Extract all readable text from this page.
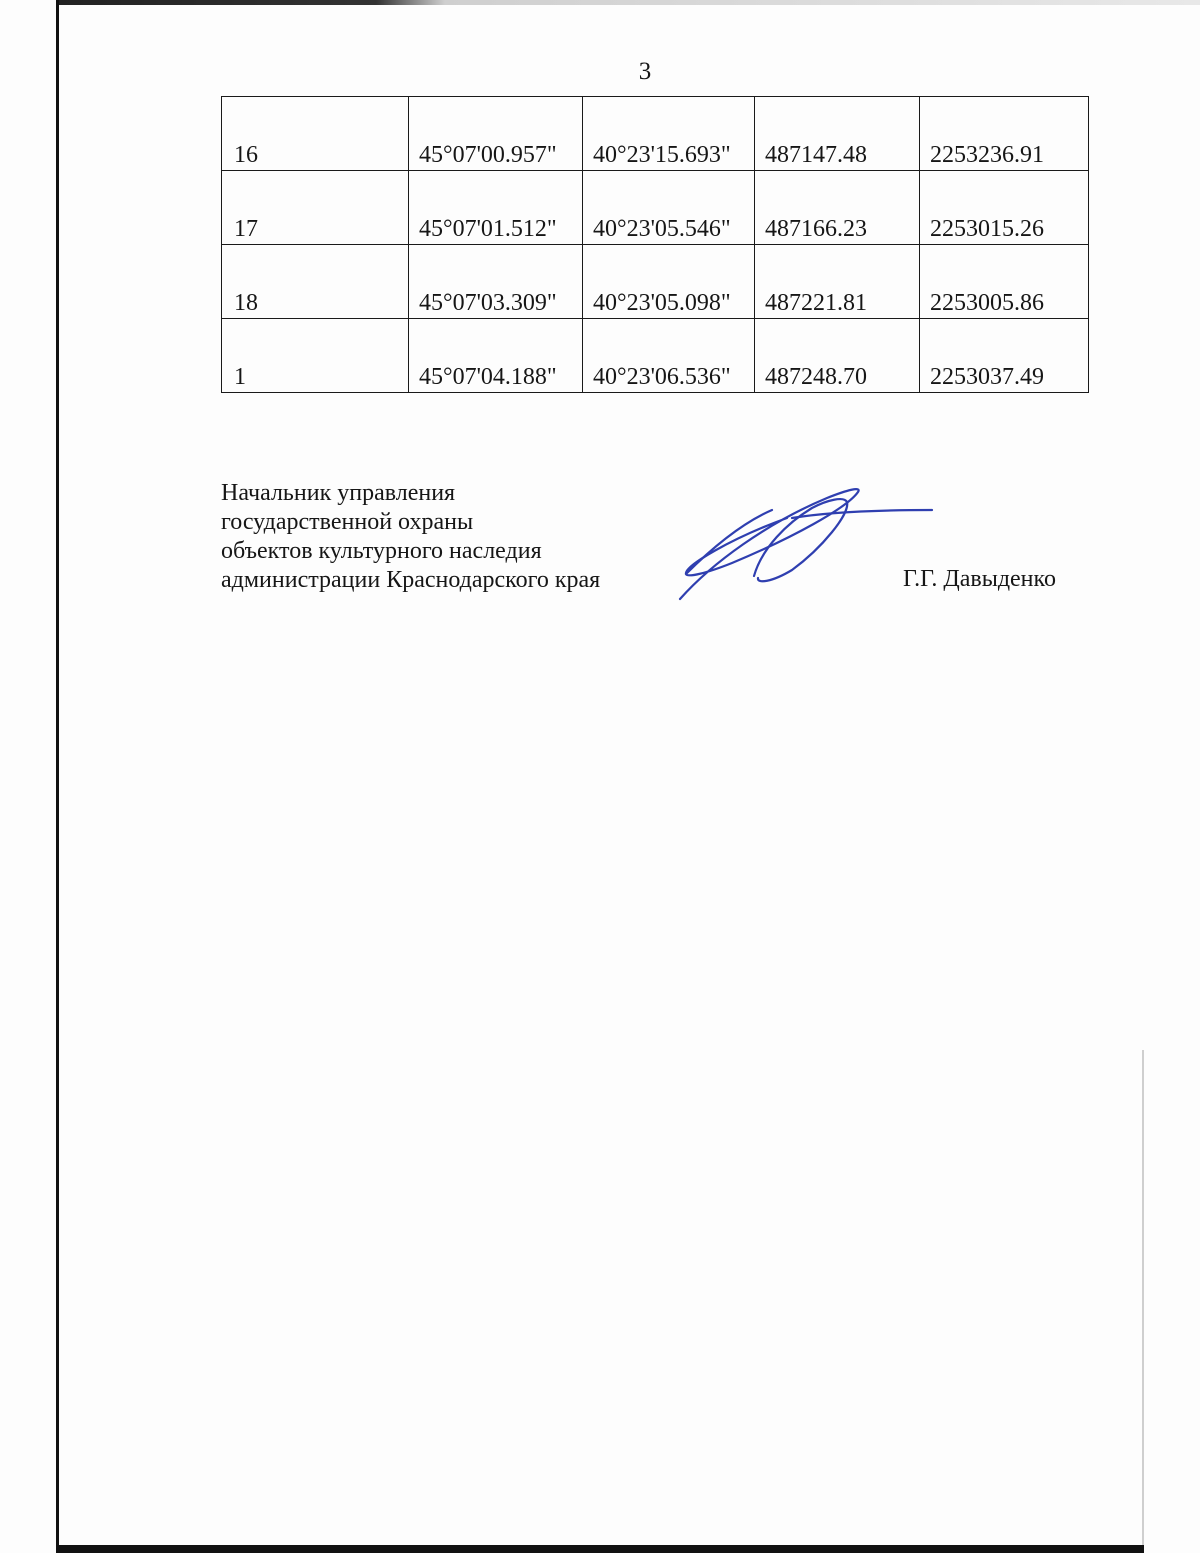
3
16	45°07'00.957"	40°23'15.693"	487147.48	2253236.91
17	45°07'01.512"	40°23'05.546"	487166.23	2253015.26
18	45°07'03.309"	40°23'05.098"	487221.81	2253005.86
1	45°07'04.188"	40°23'06.536"	487248.70	2253037.49
Начальник управления
государственной охраны
объектов культурного наследия
администрации Краснодарского края	Г.Г. Давыденко
